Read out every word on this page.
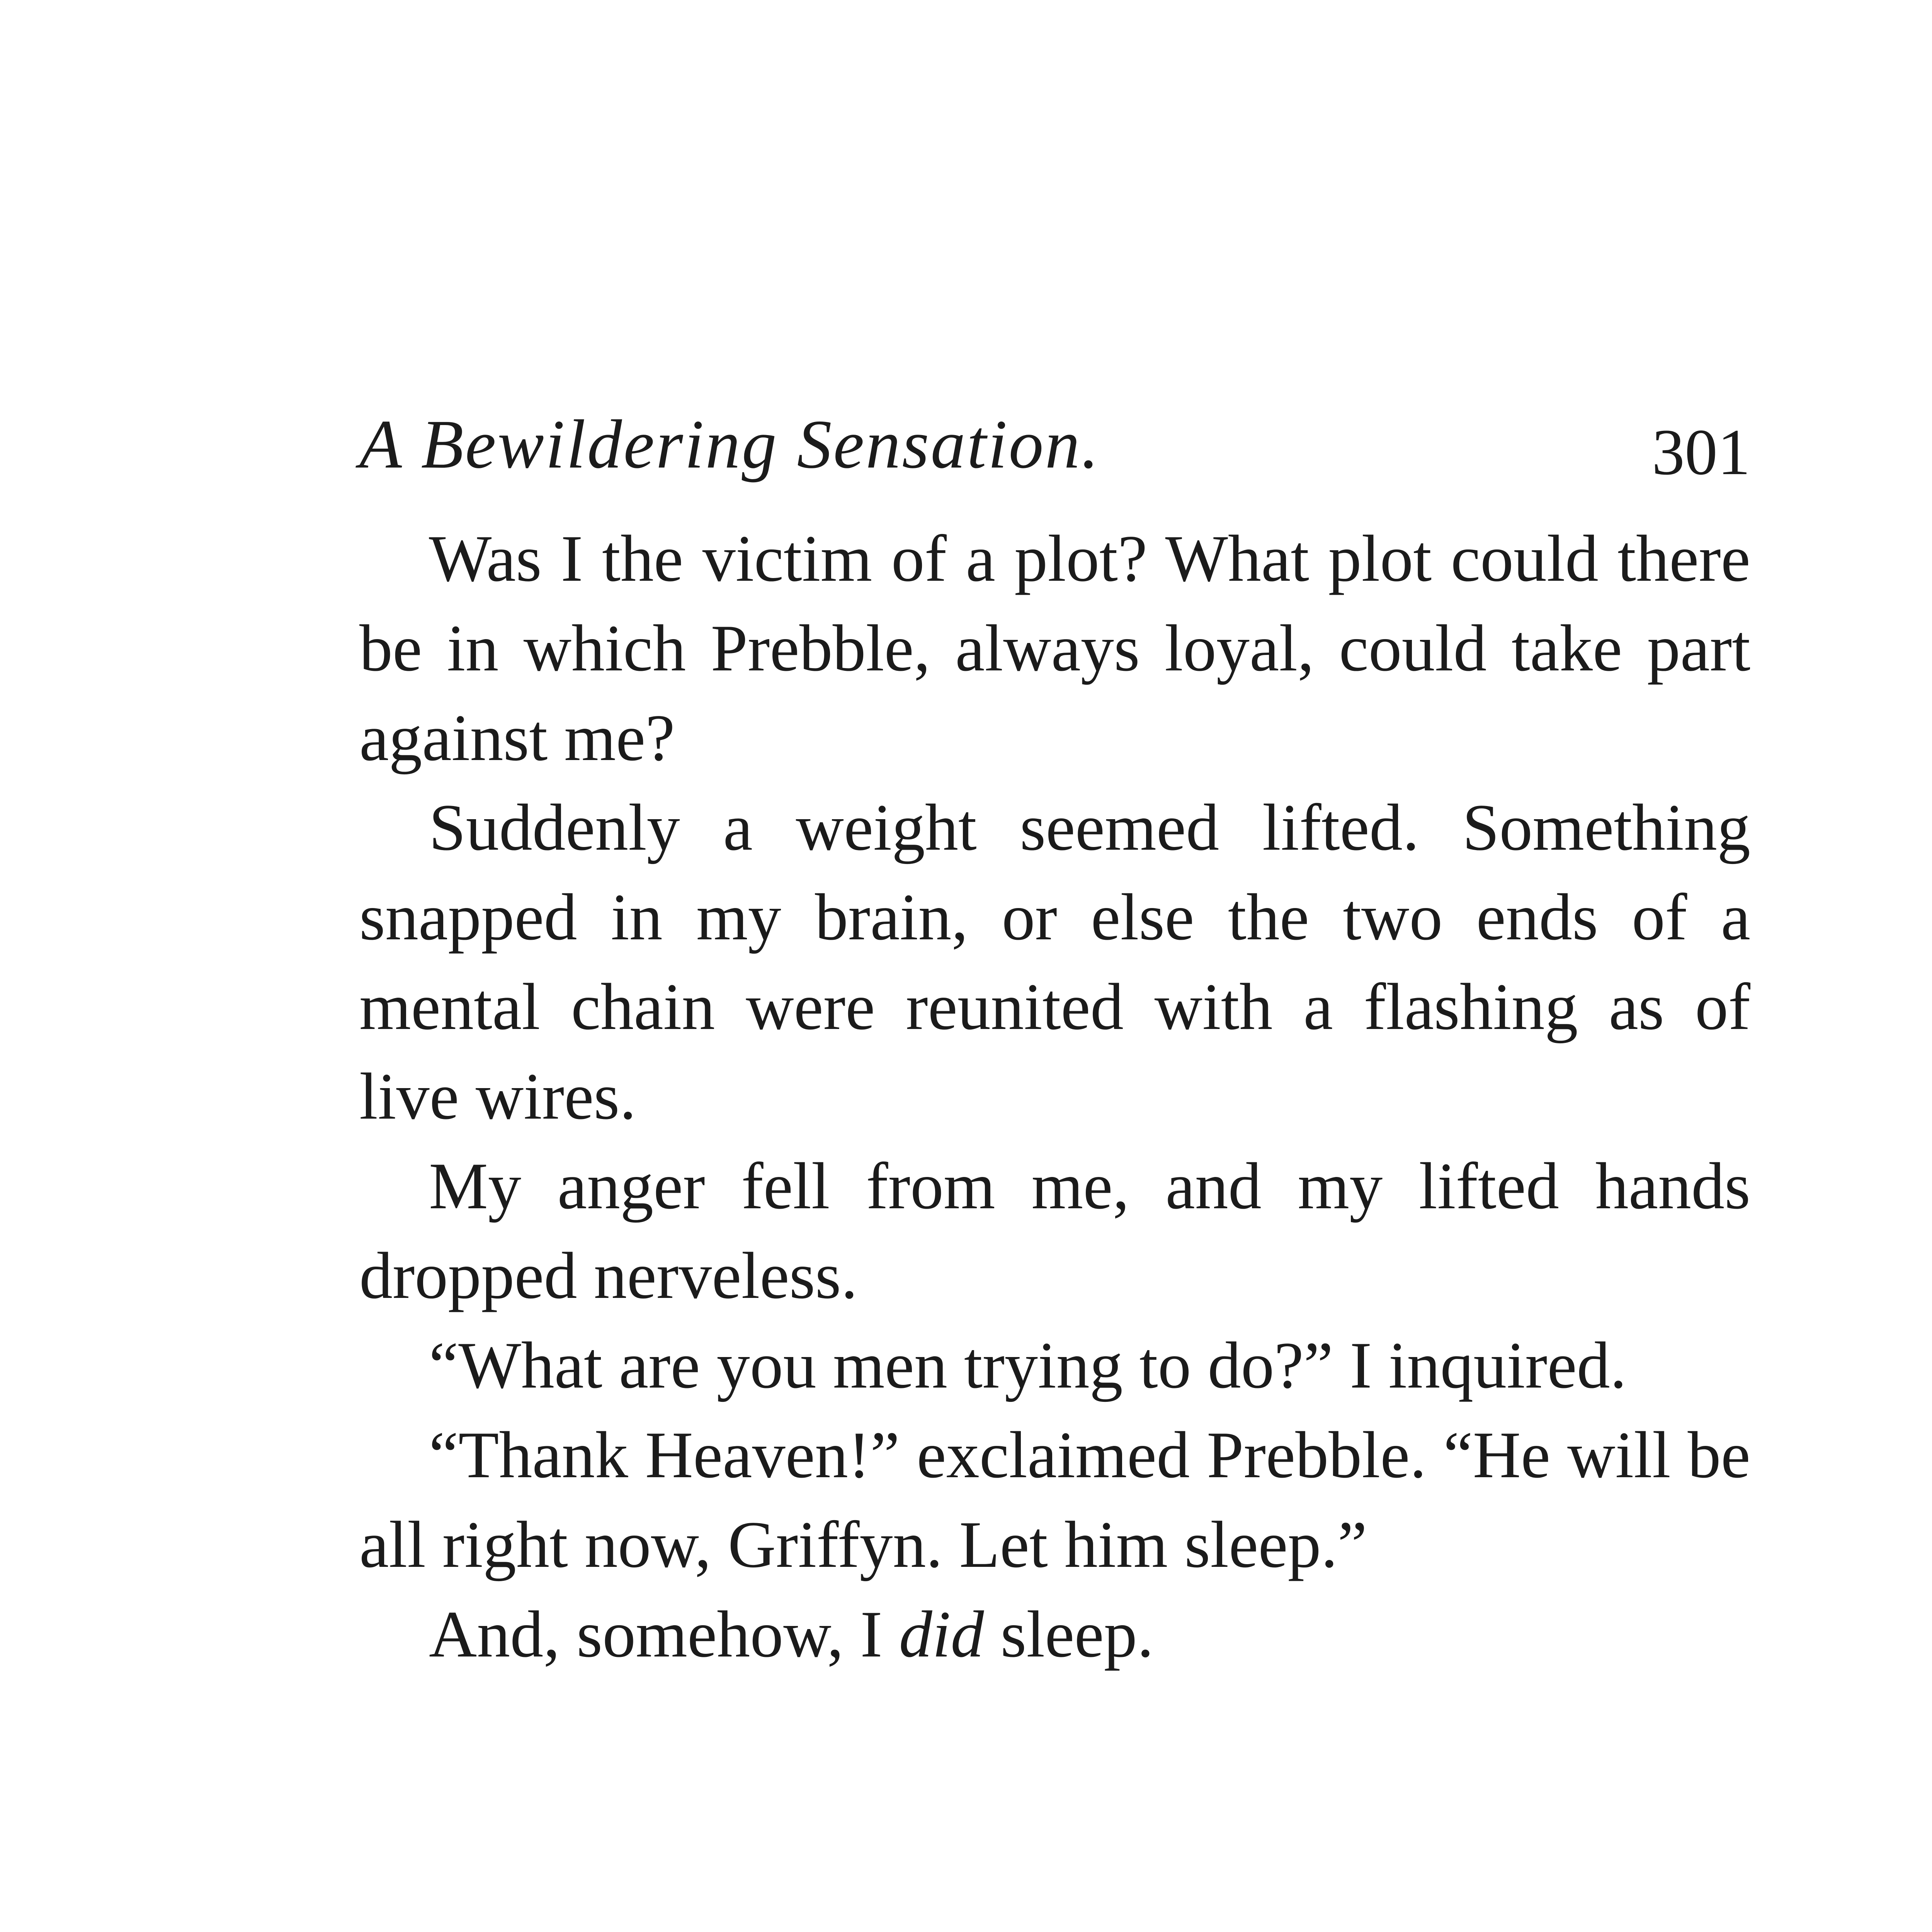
A Bewildering Sensation.	301

Was I the victim of a plot? What plot could there be in which Prebble, always loyal, could take part against me?

Suddenly a weight seemed lifted. Something snapped in my brain, or else the two ends of a mental chain were reunited with a flashing as of live wires.

My anger fell from me, and my lifted hands dropped nerveless.

“What are you men trying to do?” I inquired.

“Thank Heaven!” exclaimed Prebble. “He will be all right now, Griffyn. Let him sleep.”

And, somehow, I did sleep.
